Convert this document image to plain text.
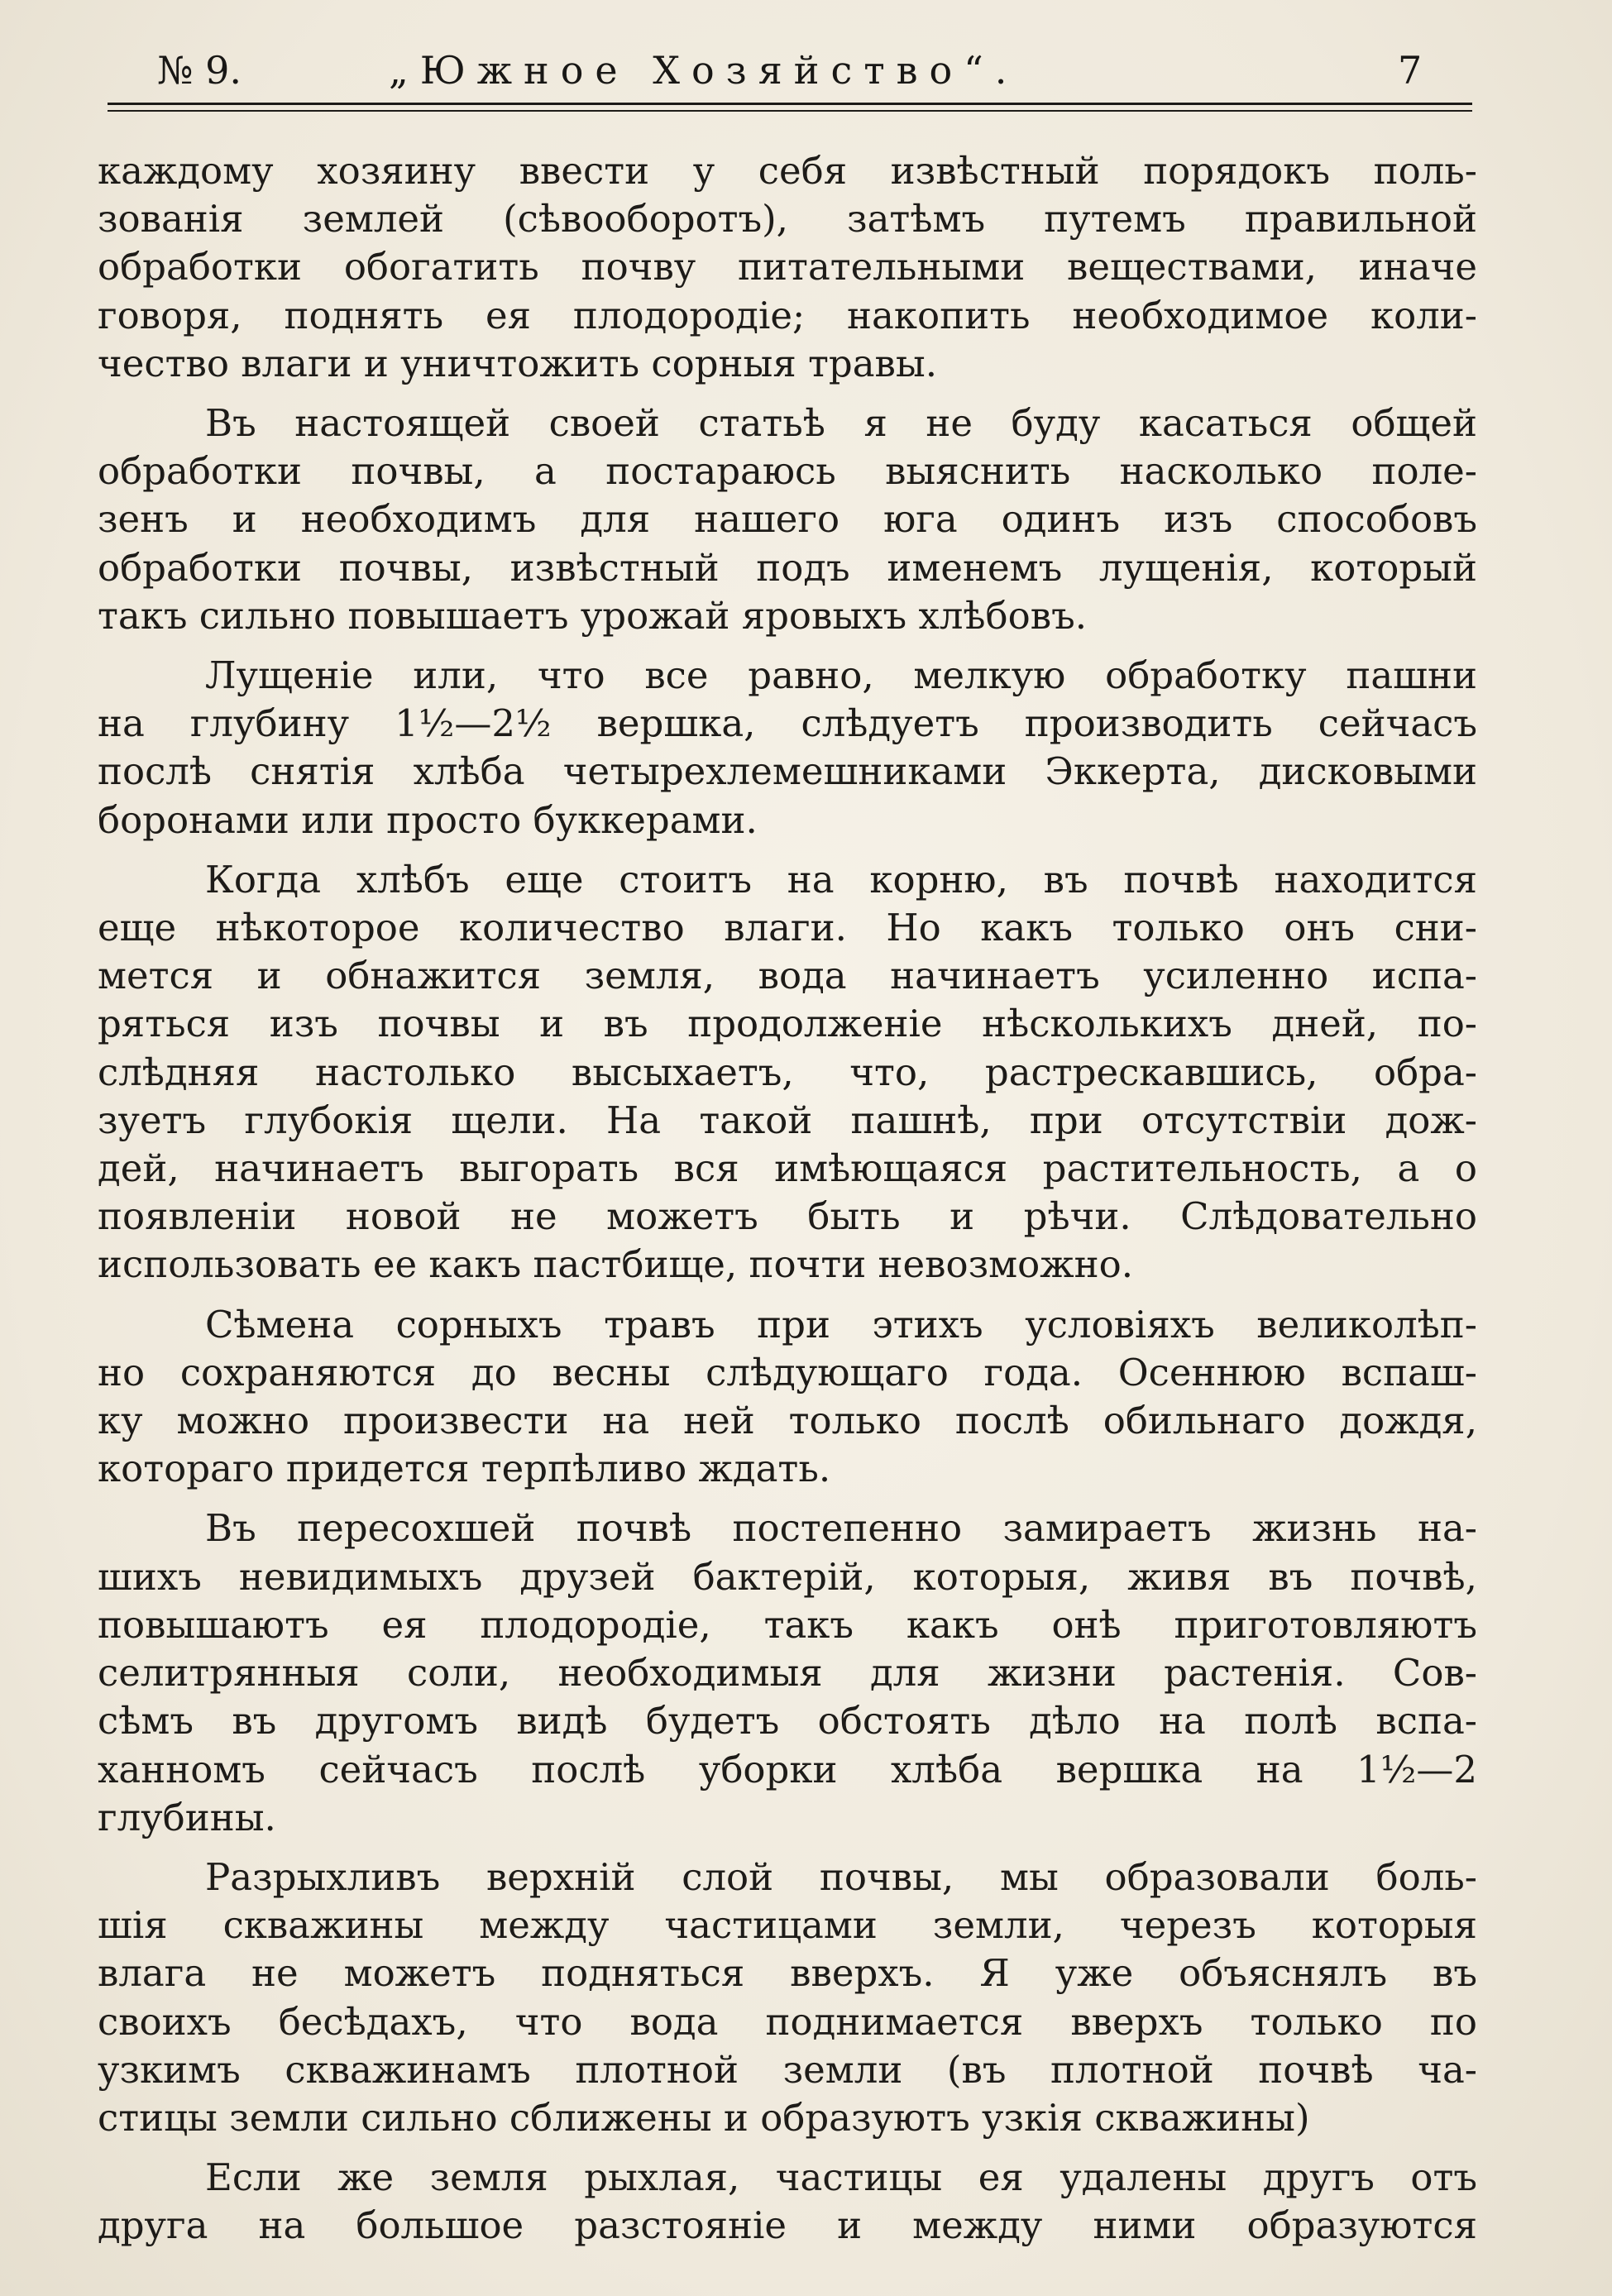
№ 9.	„Южное Хозяйство“.	7
каждому хозяину ввести у себя извѣстный порядокъ поль-
зованія землей (сѣвооборотъ), затѣмъ путемъ правильной
обработки обогатить почву питательными веществами, иначе
говоря, поднять ея плодородіе; накопить необходимое коли-
чество влаги и уничтожить сорныя травы.
Въ настоящей своей статьѣ я не буду касаться общей
обработки почвы, а постараюсь выяснить насколько поле-
зенъ и необходимъ для нашего юга одинъ изъ способовъ
обработки почвы, извѣстный подъ именемъ лущенія, который
такъ сильно повышаетъ урожай яровыхъ хлѣбовъ.
Лущеніе или, что все равно, мелкую обработку пашни
на глубину 1½—2½ вершка, слѣдуетъ производить сейчасъ
послѣ снятія хлѣба четырехлемешниками Эккерта, дисковыми
боронами или просто буккерами.
Когда хлѣбъ еще стоитъ на корню, въ почвѣ находится
еще нѣкоторое количество влаги. Но какъ только онъ сни-
мется и обнажится земля, вода начинаетъ усиленно испа-
ряться изъ почвы и въ продолженіе нѣсколькихъ дней, по-
слѣдняя настолько высыхаетъ, что, растрескавшись, обра-
зуетъ глубокія щели. На такой пашнѣ, при отсутствіи дож-
дей, начинаетъ выгорать вся имѣющаяся растительность, а о
появленіи новой не можетъ быть и рѣчи. Слѣдовательно
использовать ее какъ пастбище, почти невозможно.
Сѣмена сорныхъ травъ при этихъ условіяхъ великолѣп-
но сохраняются до весны слѣдующаго года. Осеннюю вспаш-
ку можно произвести на ней только послѣ обильнаго дождя,
котораго придется терпѣливо ждать.
Въ пересохшей почвѣ постепенно замираетъ жизнь на-
шихъ невидимыхъ друзей бактерій, которыя, живя въ почвѣ,
повышаютъ ея плодородіе, такъ какъ онѣ приготовляютъ
селитрянныя соли, необходимыя для жизни растенія. Сов-
сѣмъ въ другомъ видѣ будетъ обстоять дѣло на полѣ вспа-
ханномъ сейчасъ послѣ уборки хлѣба вершка на 1½—2
глубины.
Разрыхливъ верхній слой почвы, мы образовали боль-
шія скважины между частицами земли, черезъ которыя
влага не можетъ подняться вверхъ. Я уже объяснялъ въ
своихъ бесѣдахъ, что вода поднимается вверхъ только по
узкимъ скважинамъ плотной земли (въ плотной почвѣ ча-
стицы земли сильно сближены и образуютъ узкія скважины)
Если же земля рыхлая, частицы ея удалены другъ отъ
друга на большое разстояніе и между ними образуются
